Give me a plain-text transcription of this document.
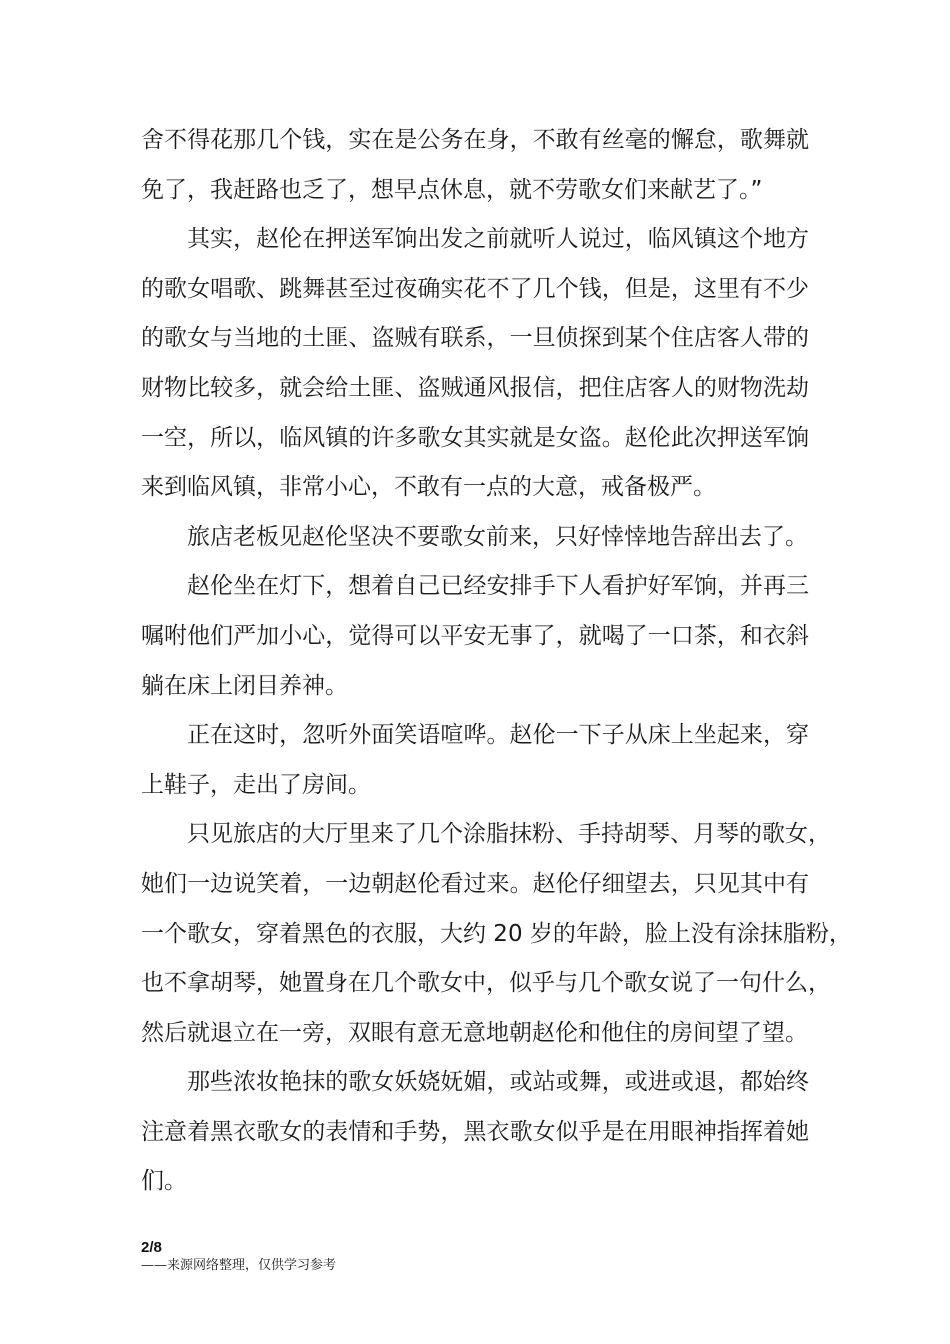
舍不得花那几个钱，实在是公务在身，不敢有丝毫的懈怠，歌舞就
免了，我赶路也乏了，想早点休息，就不劳歌女们来献艺了。”
其实，赵伦在押送军饷出发之前就听人说过，临风镇这个地方
的歌女唱歌、跳舞甚至过夜确实花不了几个钱，但是，这里有不少
的歌女与当地的土匪、盗贼有联系，一旦侦探到某个住店客人带的
财物比较多，就会给土匪、盗贼通风报信，把住店客人的财物洗劫
一空，所以，临风镇的许多歌女其实就是女盗。赵伦此次押送军饷
来到临风镇，非常小心，不敢有一点的大意，戒备极严。
旅店老板见赵伦坚决不要歌女前来，只好悻悻地告辞出去了。
赵伦坐在灯下，想着自己已经安排手下人看护好军饷，并再三
嘱咐他们严加小心，觉得可以平安无事了，就喝了一口茶，和衣斜
躺在床上闭目养神。
正在这时，忽听外面笑语喧哗。赵伦一下子从床上坐起来，穿
上鞋子，走出了房间。
只见旅店的大厅里来了几个涂脂抹粉、手持胡琴、月琴的歌女，
她们一边说笑着，一边朝赵伦看过来。赵伦仔细望去，只见其中有
一个歌女，穿着黑色的衣服，大约 20 岁的年龄，脸上没有涂抹脂粉，
也不拿胡琴，她置身在几个歌女中，似乎与几个歌女说了一句什么，
然后就退立在一旁，双眼有意无意地朝赵伦和他住的房间望了望。
那些浓妆艳抹的歌女妖娆妩媚，或站或舞，或进或退，都始终
注意着黑衣歌女的表情和手势，黑衣歌女似乎是在用眼神指挥着她
们。
2/8
——来源网络整理，仅供学习参考
